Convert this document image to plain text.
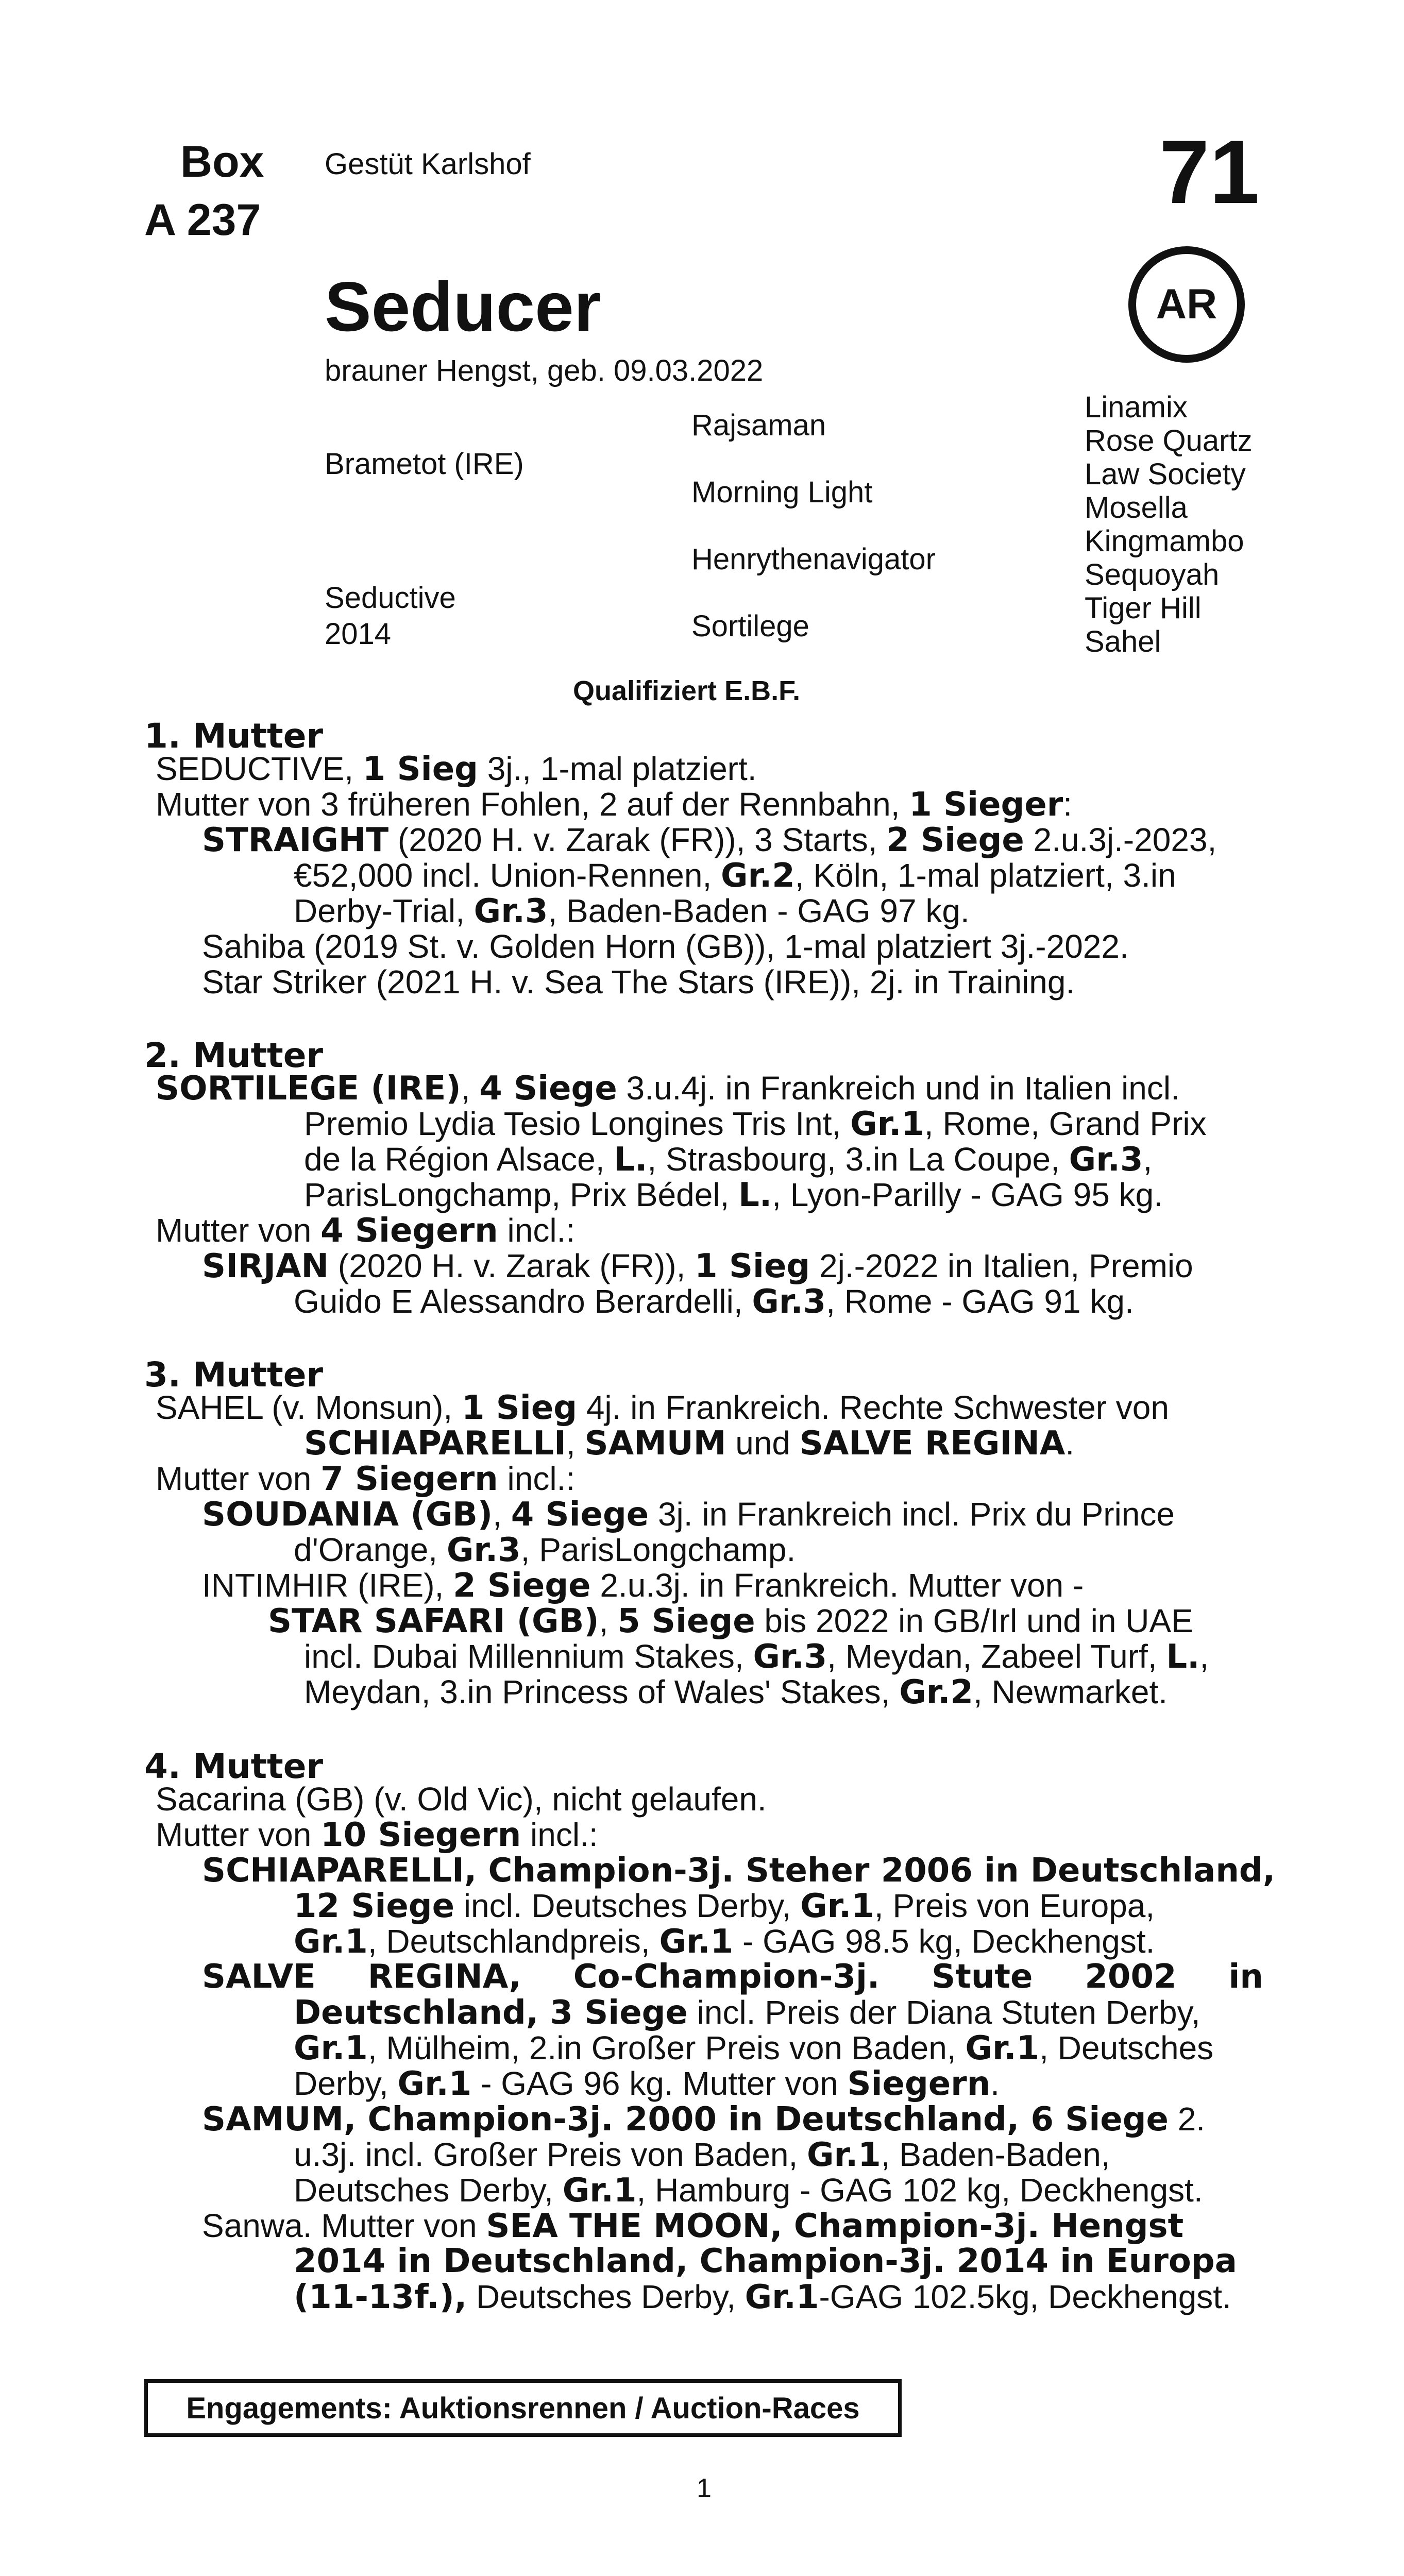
Box
A 237
Gestüt Karlshof	71
AR
Seducer
brauner Hengst, geb. 09.03.2022
Brametot (IRE)
Seductive
2014
Rajsaman
Morning Light
Henrythenavigator
Sortilege
Linamix
Rose Quartz
Law Society
Mosella
Kingmambo
Sequoyah
Tiger Hill
Sahel
Qualifiziert E.B.F.
1. Mutter
SEDUCTIVE, 1 Sieg 3j., 1-mal platziert.
Mutter von 3 früheren Fohlen, 2 auf der Rennbahn, 1 Sieger:
STRAIGHT (2020 H. v. Zarak (FR)), 3 Starts, 2 Siege 2.u.3j.-2023,
€52,000 incl. Union-Rennen, Gr.2, Köln, 1-mal platziert, 3.in
Derby-Trial, Gr.3, Baden-Baden - GAG 97 kg.
Sahiba (2019 St. v. Golden Horn (GB)), 1-mal platziert 3j.-2022.
Star Striker (2021 H. v. Sea The Stars (IRE)), 2j. in Training.
2. Mutter
SORTILEGE (IRE), 4 Siege 3.u.4j. in Frankreich und in Italien incl.
Premio Lydia Tesio Longines Tris Int, Gr.1, Rome, Grand Prix
de la Région Alsace, L., Strasbourg, 3.in La Coupe, Gr.3,
ParisLongchamp, Prix Bédel, L., Lyon-Parilly - GAG 95 kg.
Mutter von 4 Siegern incl.:
SIRJAN (2020 H. v. Zarak (FR)), 1 Sieg 2j.-2022 in Italien, Premio
Guido E Alessandro Berardelli, Gr.3, Rome - GAG 91 kg.
3. Mutter
SAHEL (v. Monsun), 1 Sieg 4j. in Frankreich. Rechte Schwester von
SCHIAPARELLI, SAMUM und SALVE REGINA.
Mutter von 7 Siegern incl.:
SOUDANIA (GB), 4 Siege 3j. in Frankreich incl. Prix du Prince
d'Orange, Gr.3, ParisLongchamp.
INTIMHIR (IRE), 2 Siege 2.u.3j. in Frankreich. Mutter von -
STAR SAFARI (GB), 5 Siege bis 2022 in GB/Irl und in UAE
incl. Dubai Millennium Stakes, Gr.3, Meydan, Zabeel Turf, L.,
Meydan, 3.in Princess of Wales' Stakes, Gr.2, Newmarket.
4. Mutter
Sacarina (GB) (v. Old Vic), nicht gelaufen.
Mutter von 10 Siegern incl.:
SCHIAPARELLI, Champion-3j. Steher 2006 in Deutschland,
12 Siege incl. Deutsches Derby, Gr.1, Preis von Europa,
Gr.1, Deutschlandpreis, Gr.1 - GAG 98.5 kg, Deckhengst.
SALVE REGINA, Co-Champion-3j. Stute 2002 in
Deutschland, 3 Siege incl. Preis der Diana Stuten Derby,
Gr.1, Mülheim, 2.in Großer Preis von Baden, Gr.1, Deutsches
Derby, Gr.1 - GAG 96 kg. Mutter von Siegern.
SAMUM, Champion-3j. 2000 in Deutschland, 6 Siege 2.
u.3j. incl. Großer Preis von Baden, Gr.1, Baden-Baden,
Deutsches Derby, Gr.1, Hamburg - GAG 102 kg, Deckhengst.
Sanwa. Mutter von SEA THE MOON, Champion-3j. Hengst
2014 in Deutschland, Champion-3j. 2014 in Europa
(11-13f.), Deutsches Derby, Gr.1-GAG 102.5kg, Deckhengst.
Engagements: Auktionsrennen / Auction-Races
1
